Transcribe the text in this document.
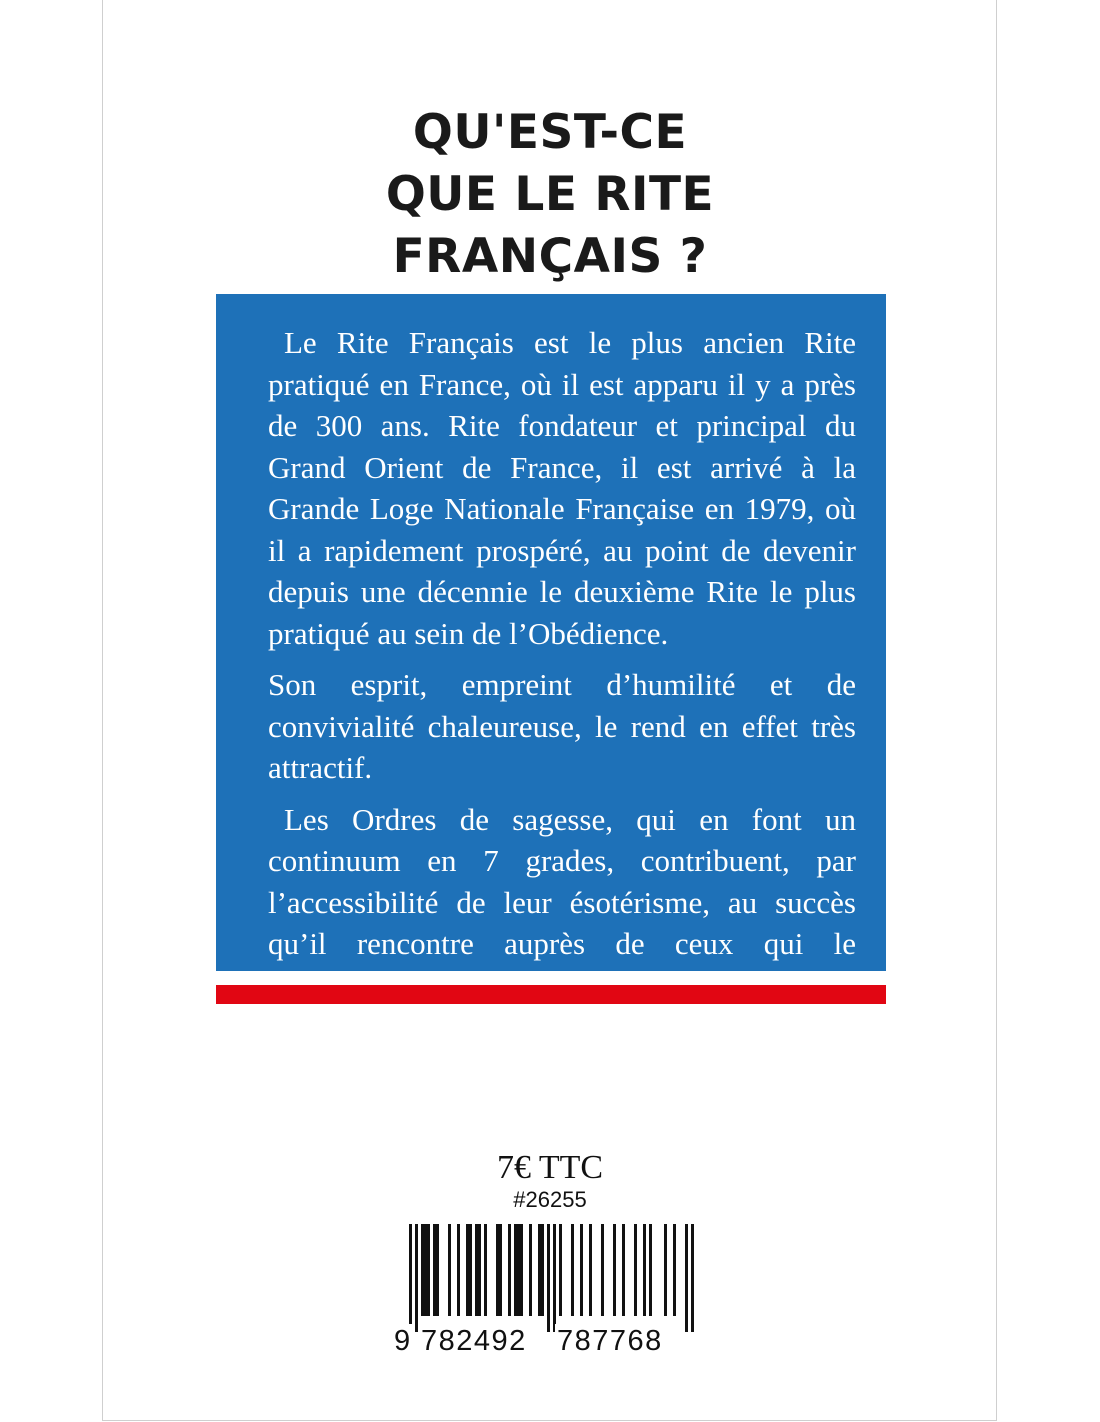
QU'EST-CE
QUE LE RITE
FRANÇAIS ?

Le Rite Français est le plus ancien Rite pratiqué en France, où il est apparu il y a près de 300 ans. Rite fondateur et principal du Grand Orient de France, il est arrivé à la Grande Loge Nationale Française en 1979, où il a rapidement prospéré, au point de devenir depuis une décennie le deuxième Rite le plus pratiqué au sein de l’Obédience.

Son esprit, empreint d’humilité et de convivialité chaleureuse, le rend en effet très attractif.

Les Ordres de sagesse, qui en font un continuum en 7 grades, contribuent, par l’accessibilité de leur ésotérisme, au succès qu’il rencontre auprès de ceux qui le

7€ TTC
#26255
9 782492 787768
